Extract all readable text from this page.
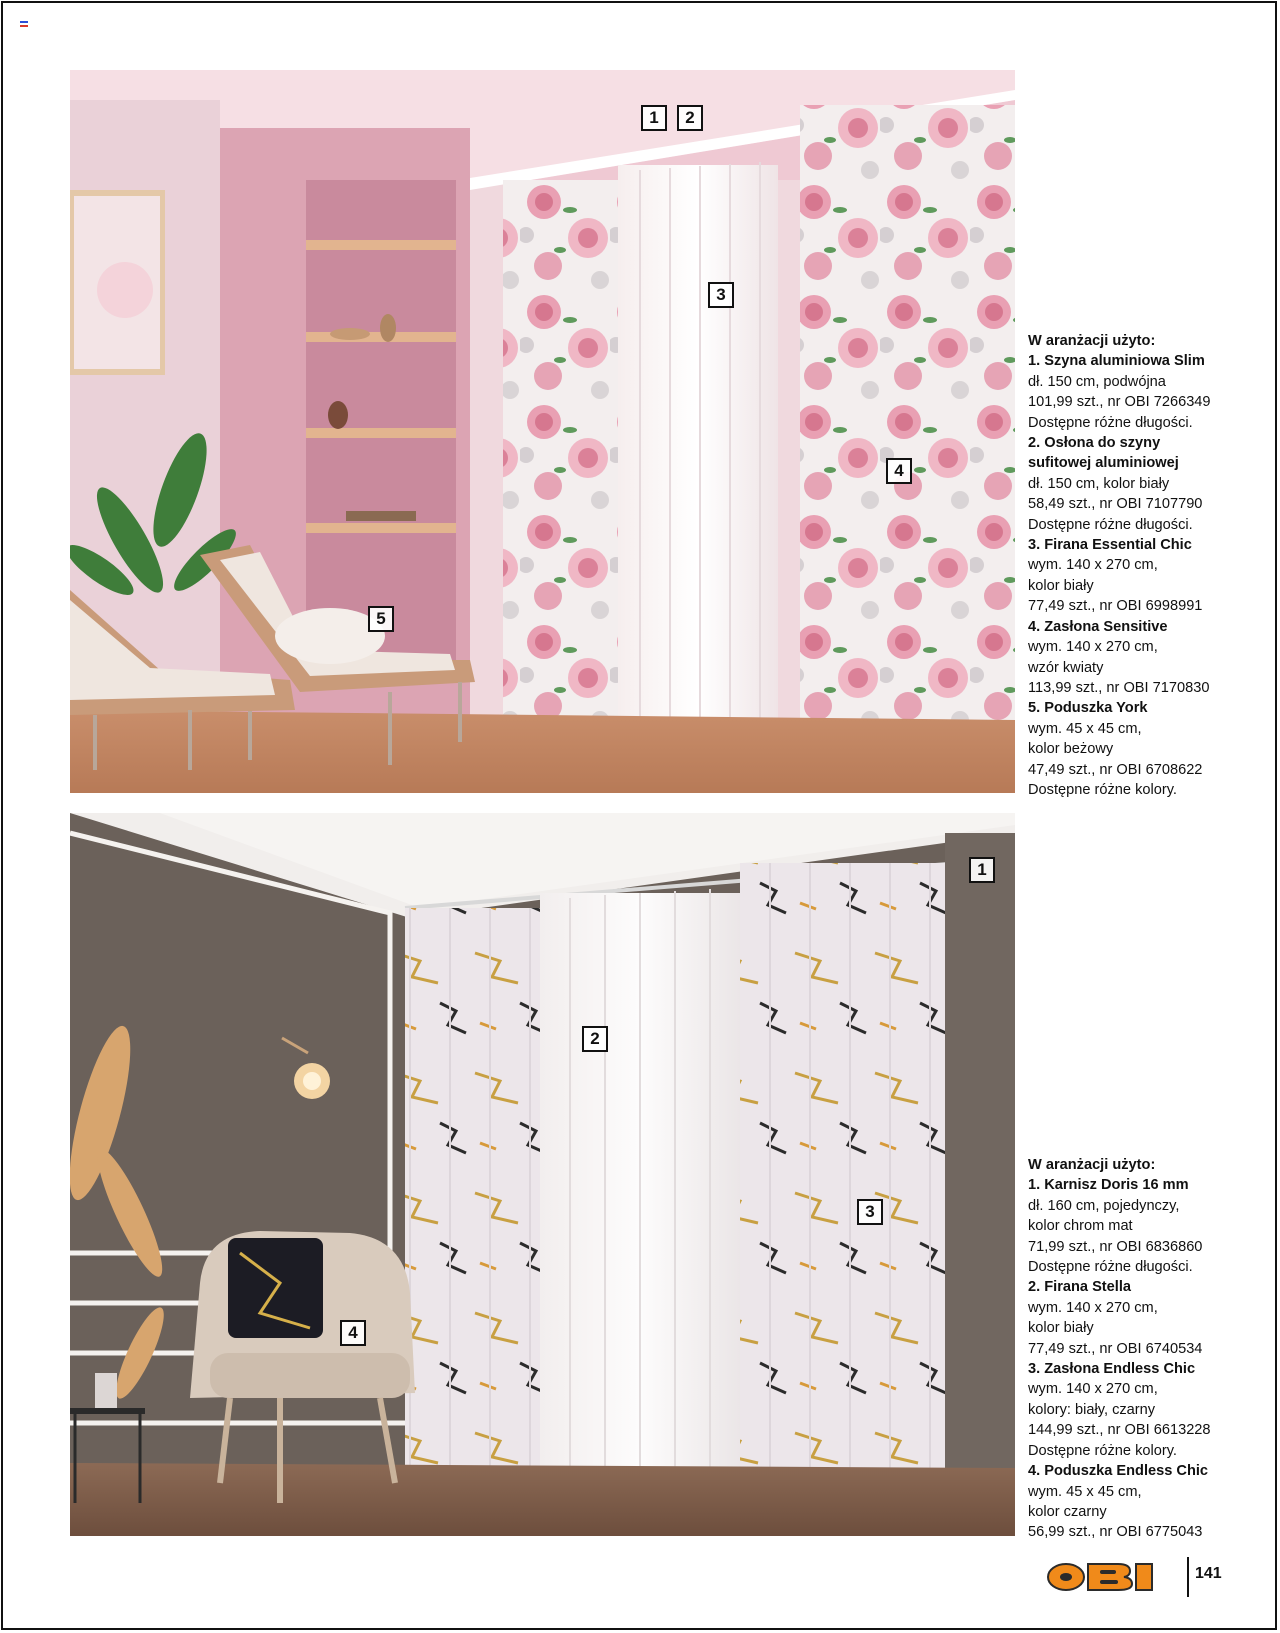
1	2
3
4
5
W aranżacji użyto:
1. Szyna aluminiowa Slim
dł. 150 cm, podwójna
101,99 szt., nr OBI 7266349
Dostępne różne długości.
2. Osłona do szyny
sufitowej aluminiowej
dł. 150 cm, kolor biały
58,49 szt., nr OBI 7107790
Dostępne różne długości.
3. Firana Essential Chic
wym. 140 x 270 cm,
kolor biały
77,49 szt., nr OBI 6998991
4. Zasłona Sensitive
wym. 140 x 270 cm,
wzór kwiaty
113,99 szt., nr OBI 7170830
5. Poduszka York
wym. 45 x 45 cm,
kolor beżowy
47,49 szt., nr OBI 6708622
Dostępne różne kolory.
1
2
3
4
W aranżacji użyto:
1. Karnisz Doris 16 mm
dł. 160 cm, pojedynczy,
kolor chrom mat
71,99 szt., nr OBI 6836860
Dostępne różne długości.
2. Firana Stella
wym. 140 x 270 cm,
kolor biały
77,49 szt., nr OBI 6740534
3. Zasłona Endless Chic
wym. 140 x 270 cm,
kolory: biały, czarny
144,99 szt., nr OBI 6613228
Dostępne różne kolory.
4. Poduszka Endless Chic
wym. 45 x 45 cm,
kolor czarny
56,99 szt., nr OBI 6775043
141
